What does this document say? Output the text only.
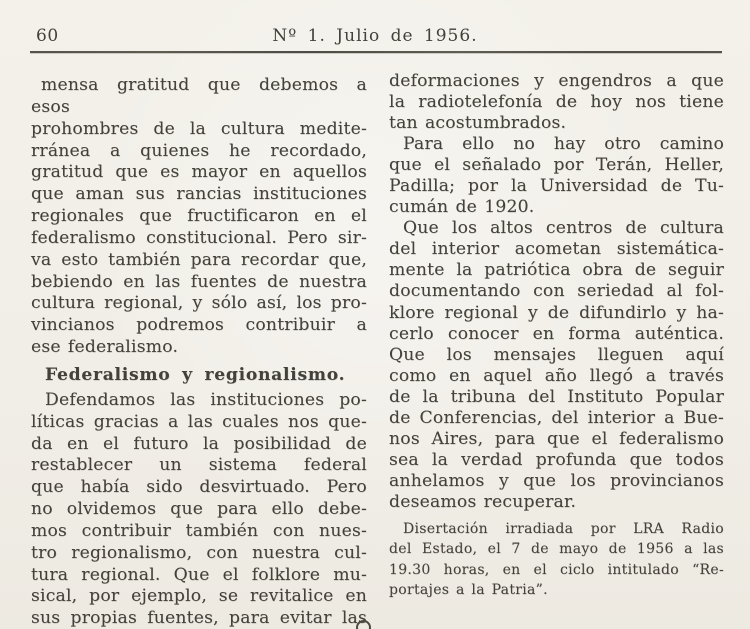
60	Nº 1. Julio de 1956.
mensa gratitud que debemos a esos
prohombres de la cultura medite-
rránea a quienes he recordado,
gratitud que es mayor en aquellos
que aman sus rancias instituciones
regionales que fructificaron en el
federalismo constitucional. Pero sir-
va esto también para recordar que,
bebiendo en las fuentes de nuestra
cultura regional, y sólo así, los pro-
vincianos podremos contribuir a
ese federalismo.
Federalismo y regionalismo.
Defendamos las instituciones po-
líticas gracias a las cuales nos que-
da en el futuro la posibilidad de
restablecer un sistema federal
que había sido desvirtuado. Pero
no olvidemos que para ello debe-
mos contribuir también con nues-
tro regionalismo, con nuestra cul-
tura regional. Que el folklore mu-
sical, por ejemplo, se revitalice en
sus propias fuentes, para evitar las
deformaciones y engendros a que
la radiotelefonía de hoy nos tiene
tan acostumbrados.
Para ello no hay otro camino
que el señalado por Terán, Heller,
Padilla; por la Universidad de Tu-
cumán de 1920.
Que los altos centros de cultura
del interior acometan sistemática-
mente la patriótica obra de seguir
documentando con seriedad al fol-
klore regional y de difundirlo y ha-
cerlo conocer en forma auténtica.
Que los mensajes lleguen aquí
como en aquel año llegó a través
de la tribuna del Instituto Popular
de Conferencias, del interior a Bue-
nos Aires, para que el federalismo
sea la verdad profunda que todos
anhelamos y que los provincianos
deseamos recuperar.
Disertación irradiada por LRA Radio
del Estado, el 7 de mayo de 1956 a las
19.30 horas, en el ciclo intitulado “Re-
portajes a la Patria”.
